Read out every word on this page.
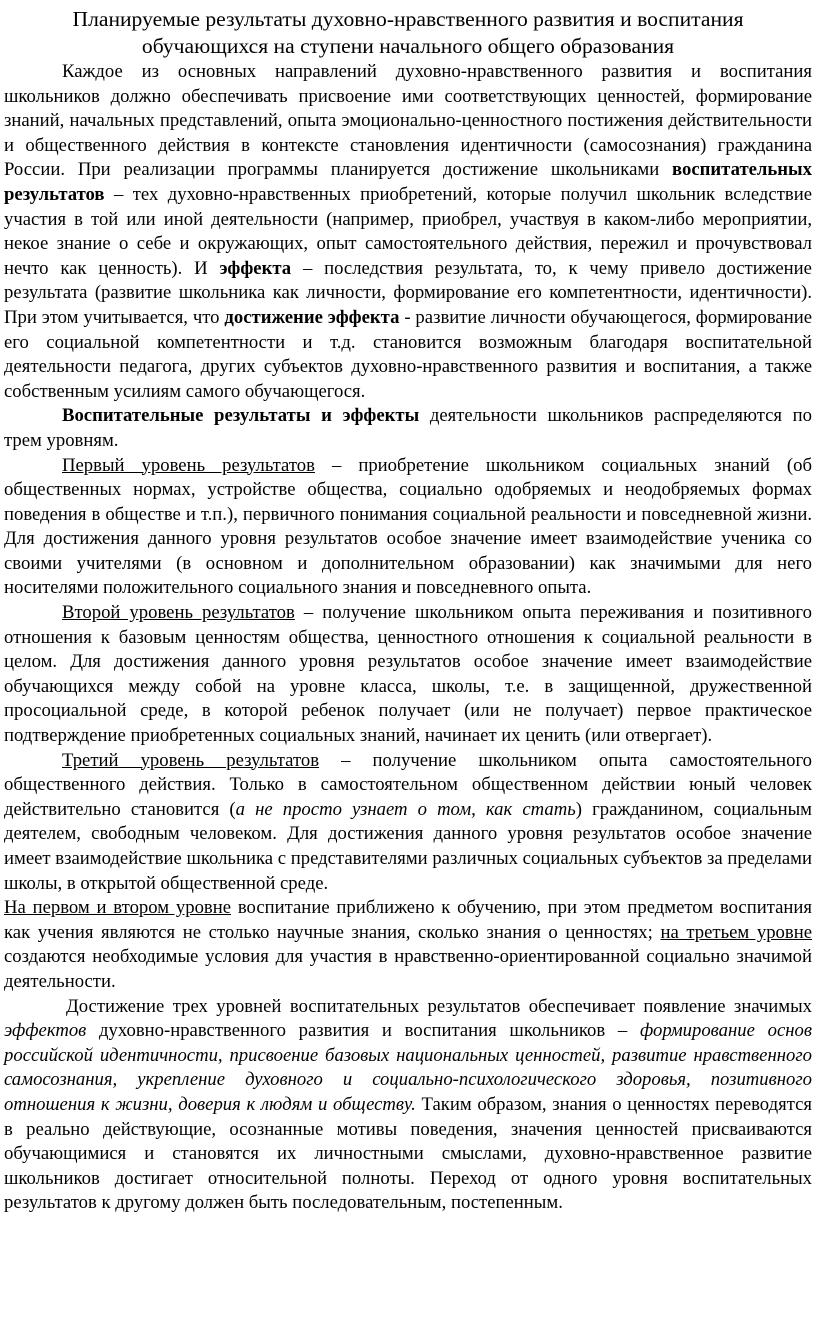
Планируемые результаты духовно-нравственного развития и воспитания
обучающихся на ступени начального общего образования

Каждое из основных направлений духовно-нравственного развития и воспитания школьников должно обеспечивать присвоение ими соответствующих ценностей, формирование знаний, начальных представлений, опыта эмоционально-ценностного постижения действительности и общественного действия в контексте становления идентичности (самосознания) гражданина России. При реализации программы планируется достижение школьниками воспитательных результатов – тех духовно-нравственных приобретений, которые получил школьник вследствие участия в той или иной деятельности (например, приобрел, участвуя в каком-либо мероприятии, некое знание о себе и окружающих, опыт самостоятельного действия, пережил и прочувствовал нечто как ценность). И эффекта – последствия результата, то, к чему привело достижение результата (развитие школьника как личности, формирование его компетентности, идентичности). При этом учитывается, что достижение эффекта - развитие личности обучающегося, формирование его социальной компетентности и т.д. становится возможным благодаря воспитательной деятельности педагога, других субъектов духовно-нравственного развития и воспитания, а также собственным усилиям самого обучающегося.

Воспитательные результаты и эффекты деятельности школьников распределяются по трем уровням.

Первый уровень результатов – приобретение школьником социальных знаний (об общественных нормах, устройстве общества, социально одобряемых и неодобряемых формах поведения в обществе и т.п.), первичного понимания социальной реальности и повседневной жизни. Для достижения данного уровня результатов особое значение имеет взаимодействие ученика со своими учителями (в основном и дополнительном образовании) как значимыми для него носителями положительного социального знания и повседневного опыта.

Второй уровень результатов – получение школьником опыта переживания и позитивного отношения к базовым ценностям общества, ценностного отношения к социальной реальности в целом. Для достижения данного уровня результатов особое значение имеет взаимодействие обучающихся между собой на уровне класса, школы, т.е. в защищенной, дружественной просоциальной среде, в которой ребенок получает (или не получает) первое практическое подтверждение приобретенных социальных знаний, начинает их ценить (или отвергает).

Третий уровень результатов – получение школьником опыта самостоятельного общественного действия. Только в самостоятельном общественном действии юный человек действительно становится (а не просто узнает о том, как стать) гражданином, социальным деятелем, свободным человеком. Для достижения данного уровня результатов особое значение имеет взаимодействие школьника с представителями различных социальных субъектов за пределами школы, в открытой общественной среде.

На первом и втором уровне воспитание приближено к обучению, при этом предметом воспитания как учения являются не столько научные знания, сколько знания о ценностях; на третьем уровне создаются необходимые условия для участия в нравственно-ориентированной социально значимой деятельности.

Достижение трех уровней воспитательных результатов обеспечивает появление значимых эффектов духовно-нравственного развития и воспитания школьников – формирование основ российской идентичности, присвоение базовых национальных ценностей, развитие нравственного самосознания, укрепление духовного и социально-психологического здоровья, позитивного отношения к жизни, доверия к людям и обществу. Таким образом, знания о ценностях переводятся в реально действующие, осознанные мотивы поведения, значения ценностей присваиваются обучающимися и становятся их личностными смыслами, духовно-нравственное развитие школьников достигает относительной полноты. Переход от одного уровня воспитательных результатов к другому должен быть последовательным, постепенным.
